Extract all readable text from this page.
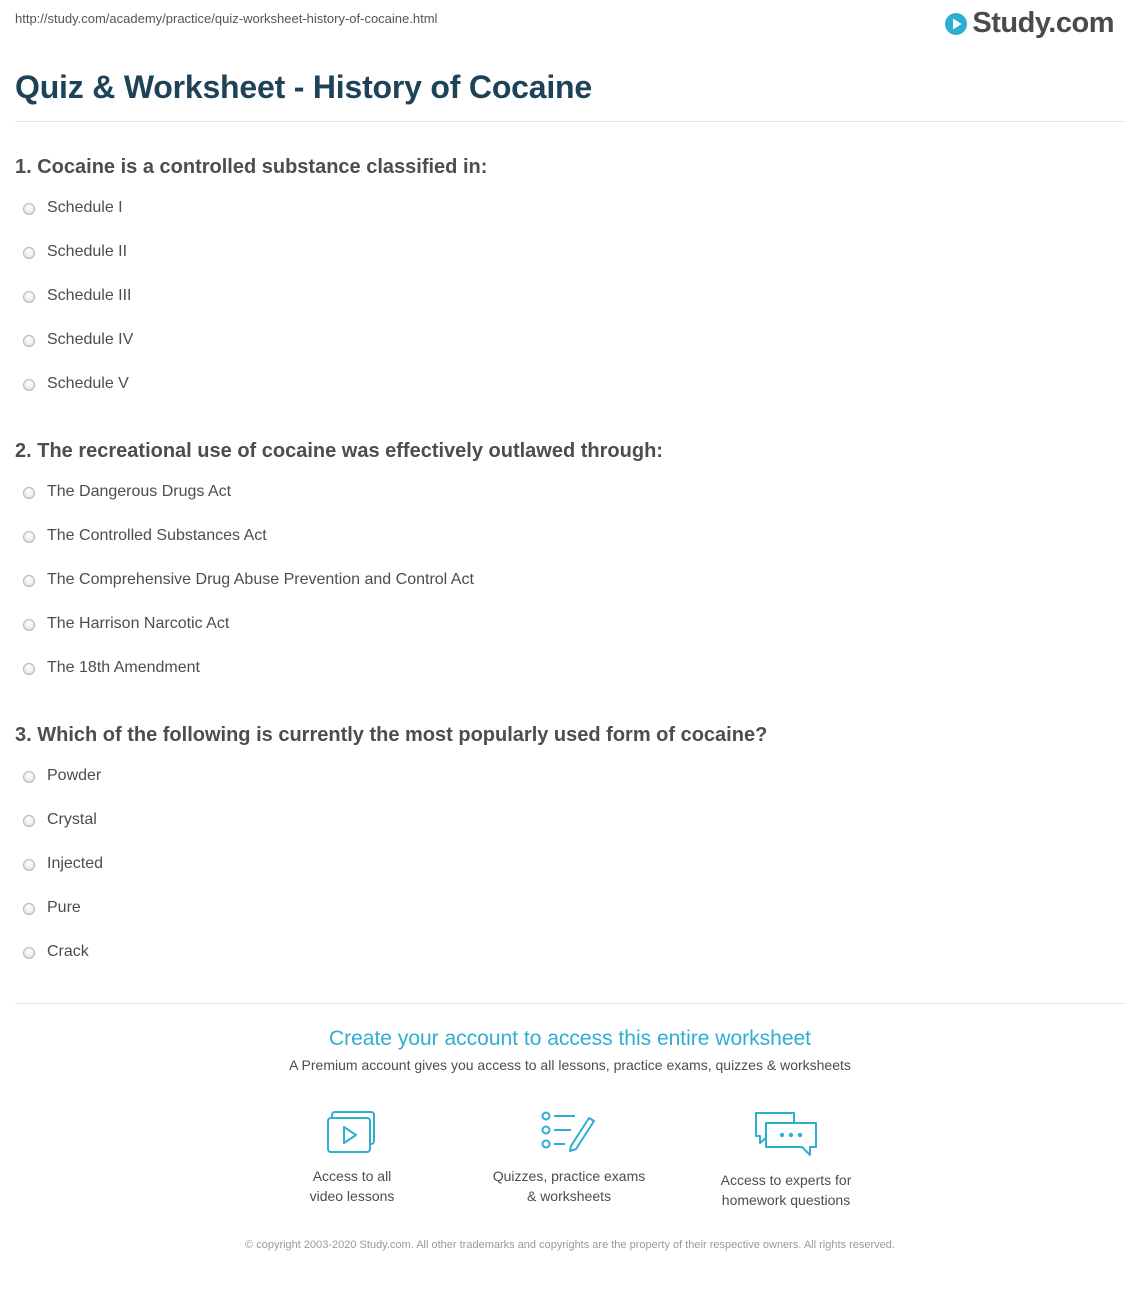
http://study.com/academy/practice/quiz-worksheet-history-of-cocaine.html	Study.com
Quiz & Worksheet - History of Cocaine
1. Cocaine is a controlled substance classified in:
Schedule I
Schedule II
Schedule III
Schedule IV
Schedule V
2. The recreational use of cocaine was effectively outlawed through:
The Dangerous Drugs Act
The Controlled Substances Act
The Comprehensive Drug Abuse Prevention and Control Act
The Harrison Narcotic Act
The 18th Amendment
3. Which of the following is currently the most popularly used form of cocaine?
Powder
Crystal
Injected
Pure
Crack
Create your account to access this entire worksheet
A Premium account gives you access to all lessons, practice exams, quizzes & worksheets
Access to all
video lessons
Quizzes, practice exams
& worksheets
Access to experts for
homework questions
© copyright 2003-2020 Study.com. All other trademarks and copyrights are the property of their respective owners. All rights reserved.
